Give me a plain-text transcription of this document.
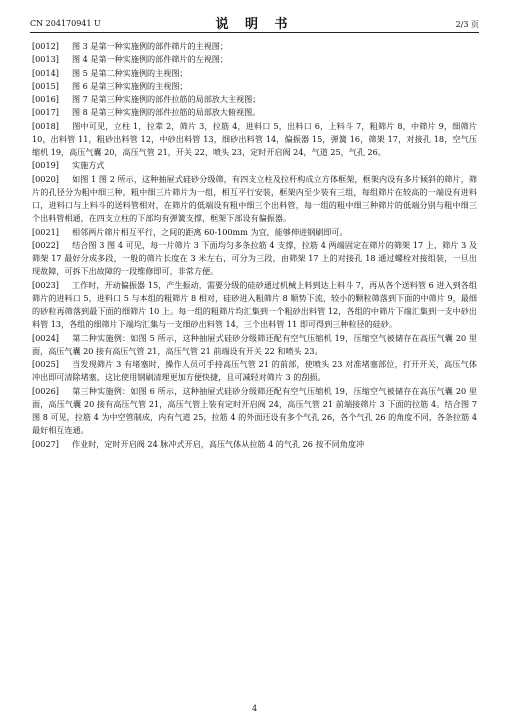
CN 204170941 U	说 明 书	2/3 页

[0012] 图 3 是第一种实施例的部件筛片的主视图；

[0013] 图 4 是第一种实施例的部件筛片的左视图；

[0014] 图 5 是第二种实施例的主视图；

[0015] 图 6 是第三种实施例的主视图；

[0016] 图 7 是第三种实施例的部件拉筋的局部放大主视图；

[0017] 图 8 是第三种实施例的部件拉筋的局部放大俯视图。

[0018] 图中可见，立柱 1，拉辈 2，筛片 3，拉筋 4，进料口 5，出料口 6，上料斗 7，粗筛片 8，中筛片 9，细筛片 10，出料管 11，粗砂出料管 12，中砂出料管 13，细砂出料管 14，偏振器 15，弹簧 16，筛架 17，对接孔 18，空气压缩机 19，高压气囊 20，高压气管 21，开关 22，喷头 23，定时开启阀 24，气道 25，气孔 26。

[0019] 实施方式

[0020] 如图 1 图 2 所示，这种抽屉式硅砂分级筛，有四支立柱及拉杆构成立方体框架，框架内设有多片倾斜的筛片，筛片的孔径分为粗中细三种，粗中细三片筛片为一组，相互平行安装，框架内至少装有三组，每组筛片在较高的一端设有进料口，进料口与上料斗的送料管相对，在筛片的低端设有粗中细三个出料管，每一组的粗中细三种筛片的低端分别与粗中细三个出料管相通，在四支立柱的下部均有弹簧支撑，框架下部设有偏振器。

[0021] 相邻两片筛片相互平行，之间的距离 60-100mm 为宜，能够伸进钢刷即可。

[0022] 结合图 3 图 4 可见，每一片筛片 3 下面均匀多条拉筋 4 支撑，拉筋 4 两端固定在筛片的筛架 17 上，筛片 3 及筛架 17 最好分成多段，一般的筛片长度在 3 米左右，可分为三段，由筛架 17 上的对接孔 18 通过螺栓对接组装，一旦出现故障，可拆下出故障的一段维修即可，非常方便。

[0023] 工作时，开动偏振器 15，产生振动，需要分级的硅砂通过机械上料到达上料斗 7，再从各个送料管 6 进入到各组筛片的进料口 5，进料口 5 与本组的粗筛片 8 相对，硅砂进入粗筛片 8 顺势下流，较小的颗粒筛落到下面的中筛片 9，最细的砂粒再筛落到最下面的细筛片 10 上。每一组的粗筛片均汇集到一个粗砂出料管 12，各组的中筛片下端汇集到一支中砂出料管 13，各组的细筛片下端均汇集与一支细砂出料管 14，三个出料管 11 即可得到三种粒径的硅砂。

[0024] 第二种实施例：如图 5 所示，这种抽屉式硅砂分级筛还配有空气压缩机 19，压缩空气被储存在高压气囊 20 里面，高压气囊 20 接有高压气管 21，高压气管 21 前端设有开关 22 和喷头 23。

[0025] 当发现筛片 3 有堵塞时，操作人员可手持高压气管 21 的前部，使喷头 23 对准堵塞部位，打开开关，高压气体冲出即可清除堵塞，这比使用钢刷清理更加方便快捷，且可减轻对筛片 3 的刮损。

[0026] 第三种实施例：如图 6 所示，这种抽屉式硅砂分级筛还配有空气压缩机 19，压缩空气被储存在高压气囊 20 里面，高压气囊 20 接有高压气管 21，高压气管上装有定时开启阀 24，高压气管 21 前端接筛片 3 下面的拉筋 4。结合图 7 图 8 可见，拉筋 4 为中空管制成，内有气道 25，拉筋 4 的外面还设有多个气孔 26，各个气孔 26 的角度不同，各条拉筋 4 最好相互连通。

[0027] 作业时，定时开启阀 24 脉冲式开启，高压气体从拉筋 4 的气孔 26 按不同角度冲

4
